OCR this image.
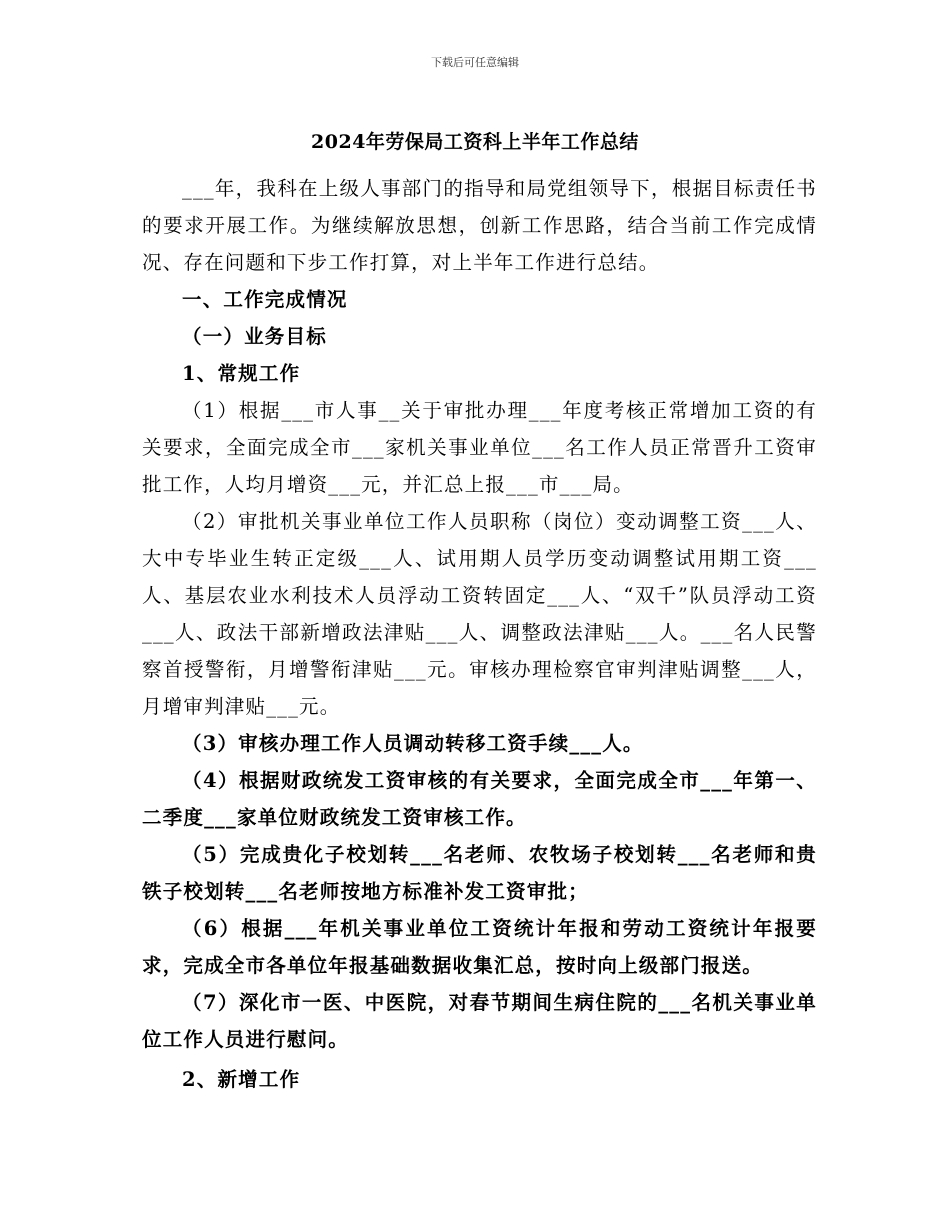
下载后可任意编辑
2024年劳保局工资科上半年工作总结

___年，我科在上级人事部门的指导和局党组领导下，根据目标责任书的要求开展工作。为继续解放思想，创新工作思路，结合当前工作完成情况、存在问题和下步工作打算，对上半年工作进行总结。

一、工作完成情况

（一）业务目标

1、常规工作

（1）根据___市人事__关于审批办理___年度考核正常增加工资的有关要求，全面完成全市___家机关事业单位___名工作人员正常晋升工资审批工作，人均月增资___元，并汇总上报___市___局。

（2）审批机关事业单位工作人员职称（岗位）变动调整工资___人、大中专毕业生转正定级___人、试用期人员学历变动调整试用期工资___人、基层农业水利技术人员浮动工资转固定___人、“双千”队员浮动工资___人、政法干部新增政法津贴___人、调整政法津贴___人。___名人民警察首授警衔，月增警衔津贴___元。审核办理检察官审判津贴调整___人，月增审判津贴___元。

（3）审核办理工作人员调动转移工资手续___人。

（4）根据财政统发工资审核的有关要求，全面完成全市___年第一、二季度___家单位财政统发工资审核工作。

（5）完成贵化子校划转___名老师、农牧场子校划转___名老师和贵铁子校划转___名老师按地方标准补发工资审批；

（6）根据___年机关事业单位工资统计年报和劳动工资统计年报要求，完成全市各单位年报基础数据收集汇总，按时向上级部门报送。

（7）深化市一医、中医院，对春节期间生病住院的___名机关事业单位工作人员进行慰问。

2、新增工作
